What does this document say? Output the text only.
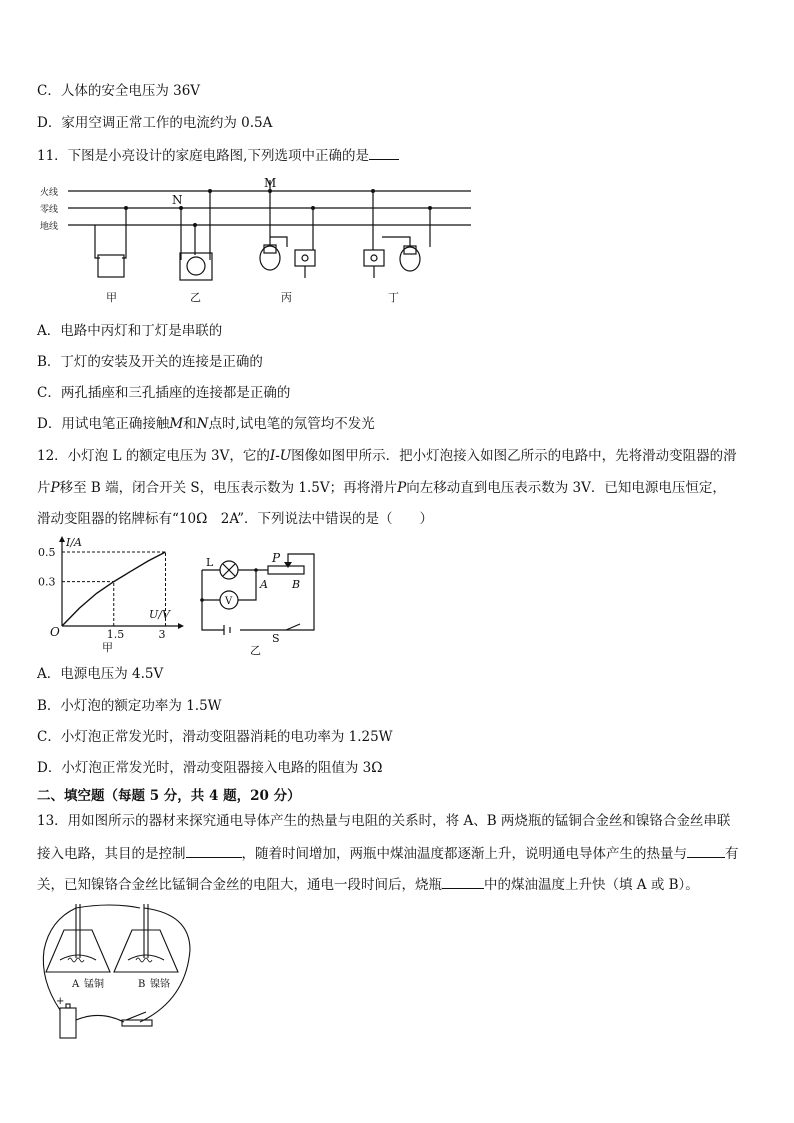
C．人体的安全电压为 36V
D．家用空调正常工作的电流约为 0.5A
11．下图是小亮设计的家庭电路图,下列选项中正确的是
火线
零线
地线
M
N
甲	乙	丙	丁
A．电路中丙灯和丁灯是串联的
B．丁灯的安装及开关的连接是正确的
C．两孔插座和三孔插座的连接都是正确的
D．用试电笔正确接触M和N点时,试电笔的氖管均不发光
12．小灯泡 L 的额定电压为 3V，它的I-U图像如图甲所示．把小灯泡接入如图乙所示的电路中，先将滑动变阻器的滑
片P移至 B 端，闭合开关 S，电压表示数为 1.5V；再将滑片P向左移动直到电压表示数为 3V．已知电源电压恒定，
滑动变阻器的铭牌标有“10Ω　2A”．下列说法中错误的是（　　）
1.5	3
0.5
0.3
I/A
U/V
O
甲
L
V
P
A B
S
乙
A．电源电压为 4.5V
B．小灯泡的额定功率为 1.5W
C．小灯泡正常发光时，滑动变阻器消耗的电功率为 1.25W
D．小灯泡正常发光时，滑动变阻器接入电路的阻值为 3Ω
二、填空题（每题 5 分，共 4 题，20 分）
13．用如图所示的器材来探究通电导体产生的热量与电阻的关系时，将 A、B 两烧瓶的锰铜合金丝和镍铬合金丝串联
接入电路，其目的是控制	，随着时间增加，两瓶中煤油温度都逐渐上升，说明通电导体产生的热量与	有
关，已知镍铬合金丝比锰铜合金丝的电阻大，通电一段时间后，烧瓶	中的煤油温度上升快（填 A 或 B）。
A 锰铜	B 镍铬
+
